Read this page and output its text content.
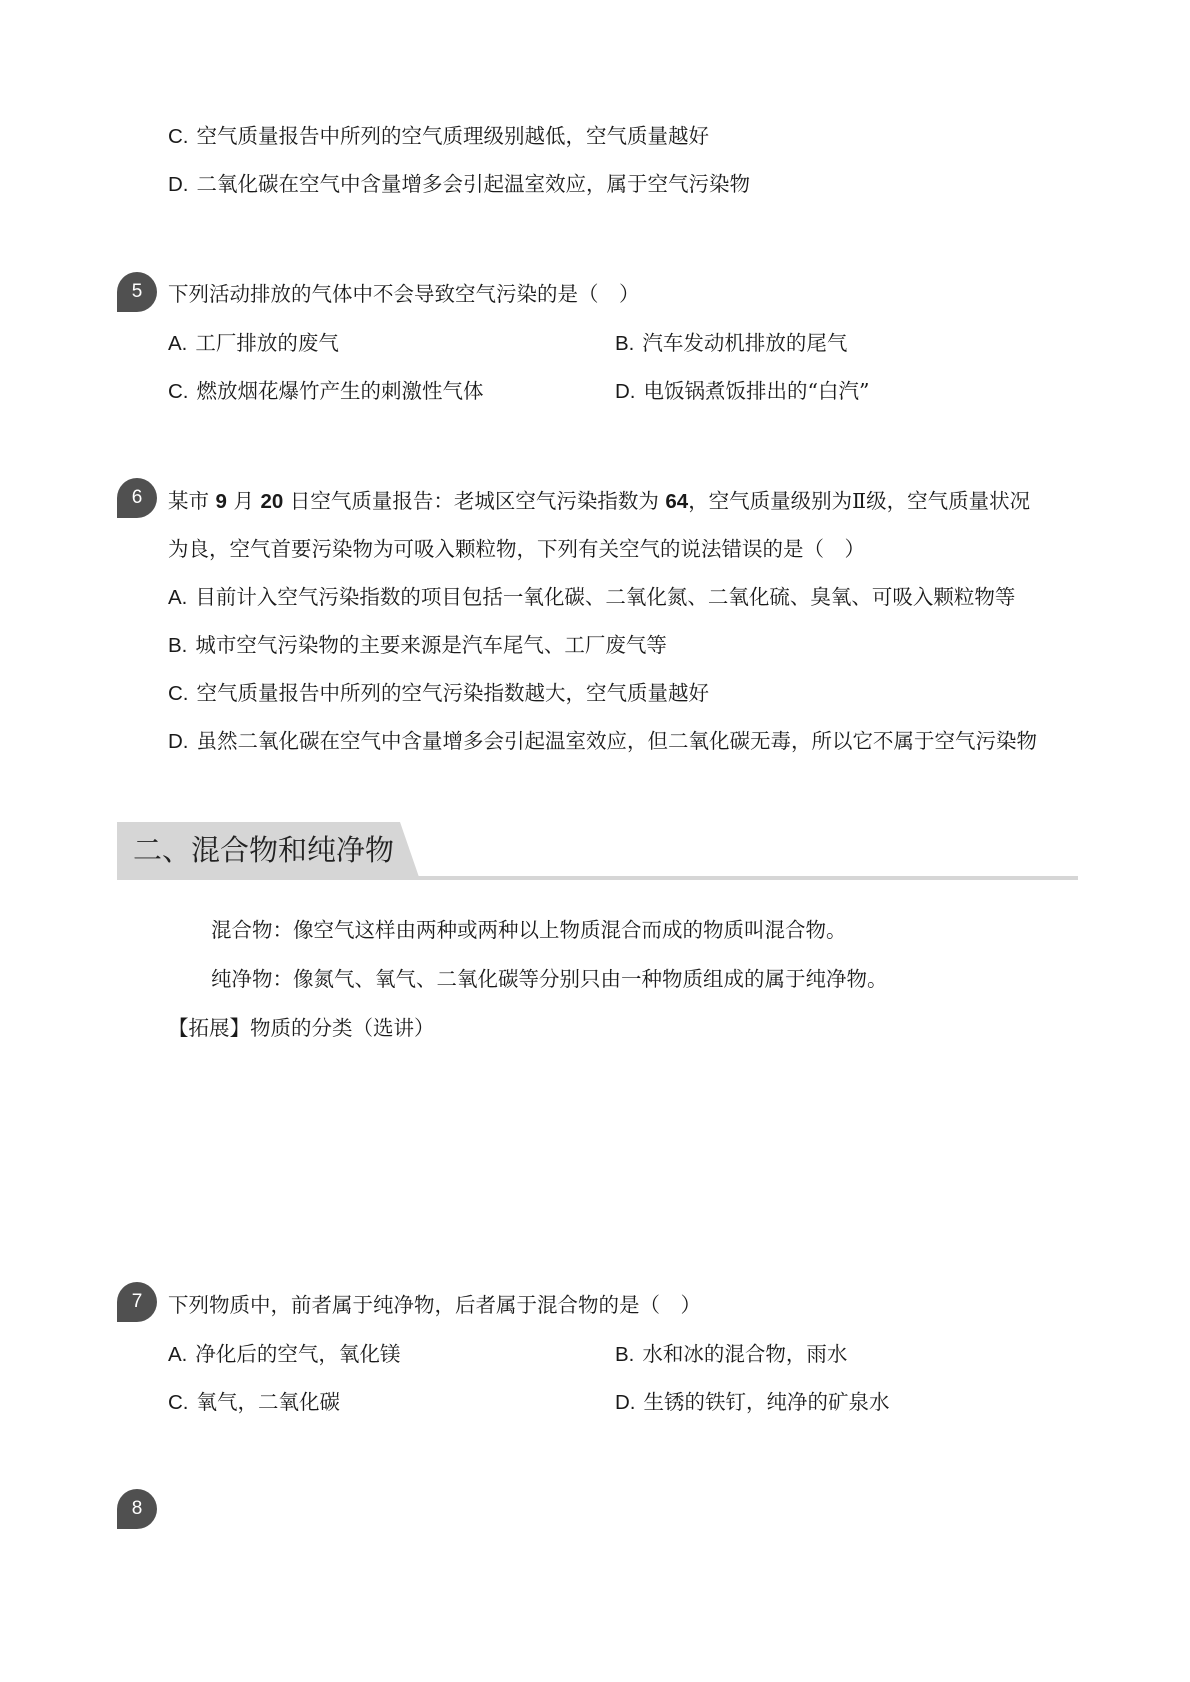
C. 空气质量报告中所列的空气质理级别越低，空气质量越好
D. 二氧化碳在空气中含量增多会引起温室效应，属于空气污染物
5	下列活动排放的气体中不会导致空气污染的是（　）
A. 工厂排放的废气	B. 汽车发动机排放的尾气
C. 燃放烟花爆竹产生的刺激性气体	D. 电饭锅煮饭排出的“白汽”
6	某市 9 月 20 日空气质量报告：老城区空气污染指数为 64，空气质量级别为Ⅱ级，空气质量状况
为良，空气首要污染物为可吸入颗粒物，下列有关空气的说法错误的是（　）
A. 目前计入空气污染指数的项目包括一氧化碳、二氧化氮、二氧化硫、臭氧、可吸入颗粒物等
B. 城市空气污染物的主要来源是汽车尾气、工厂废气等
C. 空气质量报告中所列的空气污染指数越大，空气质量越好
D. 虽然二氧化碳在空气中含量增多会引起温室效应，但二氧化碳无毒，所以它不属于空气污染物
二、混合物和纯净物
混合物：像空气这样由两种或两种以上物质混合而成的物质叫混合物。
纯净物：像氮气、氧气、二氧化碳等分别只由一种物质组成的属于纯净物。
【拓展】物质的分类（选讲）
7	下列物质中，前者属于纯净物，后者属于混合物的是（　）
A. 净化后的空气，氧化镁	B. 水和冰的混合物，雨水
C. 氧气，二氧化碳	D. 生锈的铁钉，纯净的矿泉水
8
